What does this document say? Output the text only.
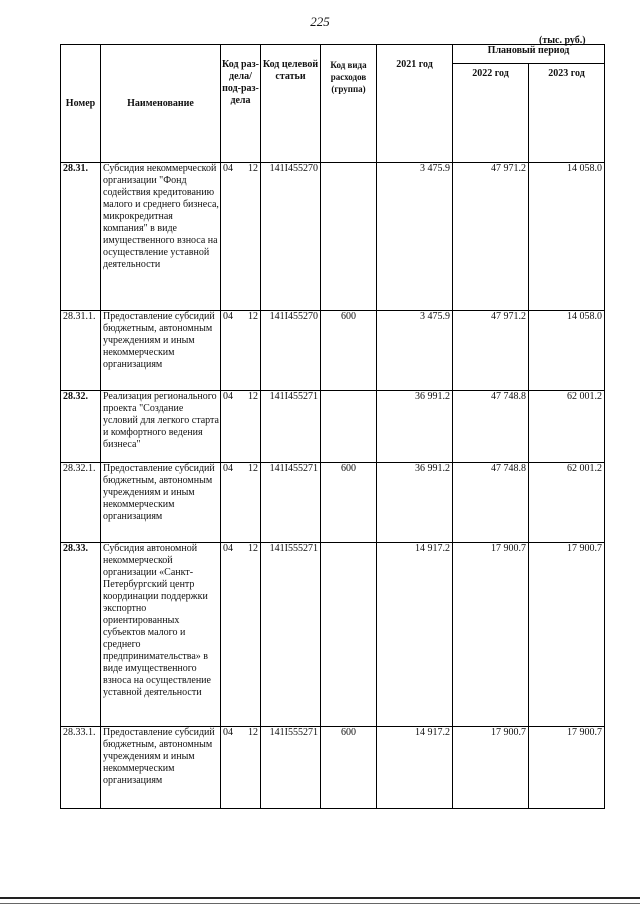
225
(тыс. руб.)
Номер	Наименование	Код раз-дела/ под-раз-дела	Код целевой статьи	Код вида расходов (группа)	2021 год	Плановый период	
						2022 год	2023 год
28.31.	Субсидия некоммерческой организации "Фонд содействия кредитованию малого и среднего бизнеса, микрокредитная компания" в виде имущественного взноса на осуществление уставной деятельности	04 12	141I455270		3 475.9	47 971.2	14 058.0
28.31.1.	Предоставление субсидий бюджетным, автономным учреждениям и иным некоммерческим организациям	04 12	141I455270	600	3 475.9	47 971.2	14 058.0
28.32.	Реализация регионального проекта "Создание условий для легкого старта и комфортного ведения бизнеса"	04 12	141I455271		36 991.2	47 748.8	62 001.2
28.32.1.	Предоставление субсидий бюджетным, автономным учреждениям и иным некоммерческим организациям	04 12	141I455271	600	36 991.2	47 748.8	62 001.2
28.33.	Субсидия автономной некоммерческой организации «Санкт-Петербургский центр координации поддержки экспортно ориентированных субъектов малого и среднего предпринимательства» в виде имущественного взноса на осуществление уставной деятельности	04 12	141I555271		14 917.2	17 900.7	17 900.7
28.33.1.	Предоставление субсидий бюджетным, автономным учреждениям и иным некоммерческим организациям	04 12	141I555271	600	14 917.2	17 900.7	17 900.7
